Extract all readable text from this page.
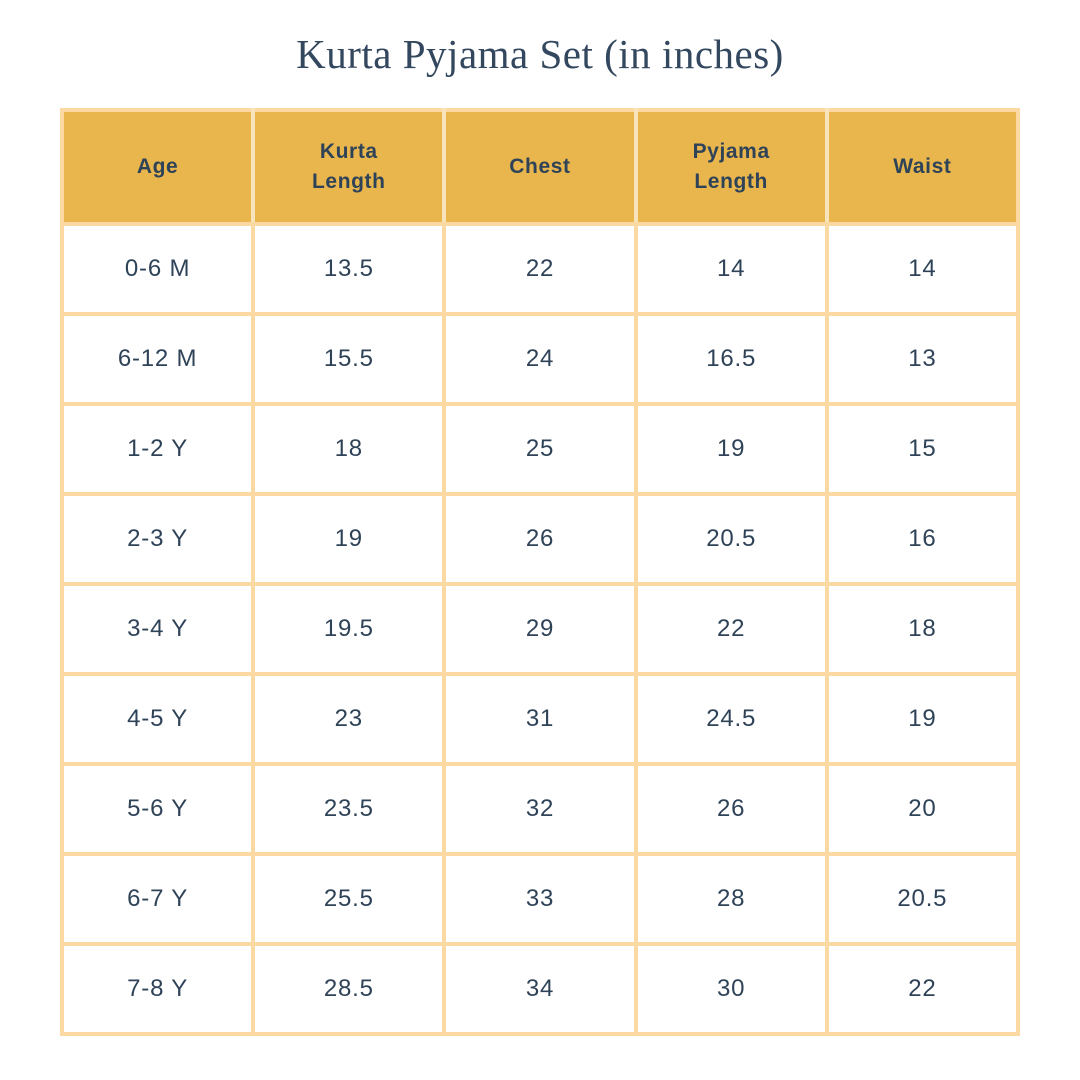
Kurta Pyjama Set (in inches)
Age	Kurta Length	Chest	Pyjama Length	Waist
0-6 M	13.5	22	14	14
6-12 M	15.5	24	16.5	13
1-2 Y	18	25	19	15
2-3 Y	19	26	20.5	16
3-4 Y	19.5	29	22	18
4-5 Y	23	31	24.5	19
5-6 Y	23.5	32	26	20
6-7 Y	25.5	33	28	20.5
7-8 Y	28.5	34	30	22
